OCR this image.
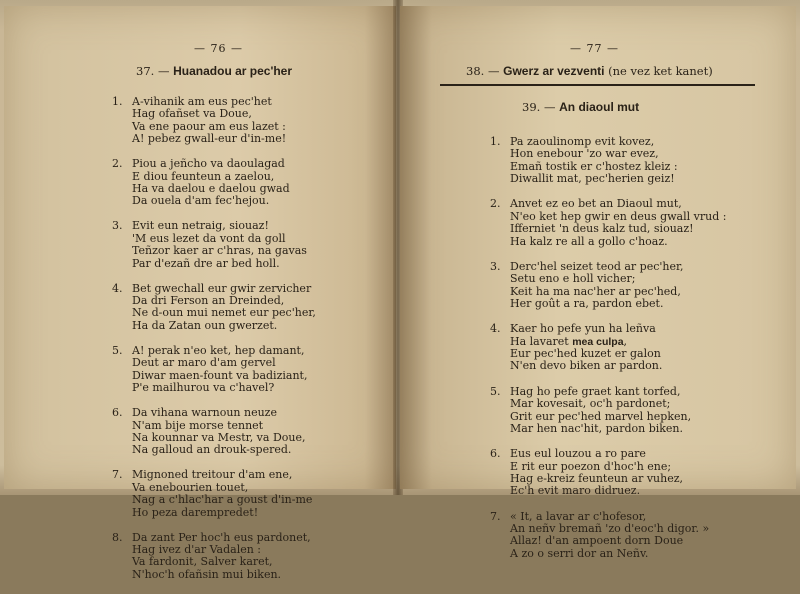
— 76 —
37. — Huanadou ar pec'her
1. A-vihanik am eus pec'het
Hag ofañset va Doue,
Va ene paour am eus lazet :
A! pebez gwall-eur d'in-me!
2. Piou a jeñcho va daoulagad
E diou feunteun a zaelou,
Ha va daelou e daelou gwad
Da ouela d'am fec'hejou.
3. Evit eun netraig, siouaz!
'M eus lezet da vont da goll
Teñzor kaer ar c'hras, na gavas
Par d'ezañ dre ar bed holl.
4. Bet gwechall eur gwir zervicher
Da dri Ferson an Dreinded,
Ne d-oun mui nemet eur pec'her,
Ha da Zatan oun gwerzet.
5. A! perak n'eo ket, hep damant,
Deut ar maro d'am gervel
Diwar maen-fount va badiziant,
P'e mailhurou va c'havel?
6. Da vihana warnoun neuze
N'am bije morse tennet
Na kounnar va Mestr, va Doue,
Na galloud an drouk-spered.
7. Mignoned treitour d'am ene,
Va enebourien touet,
Nag a c'hlac'har a goust d'in-me
Ho peza darempredet!
8. Da zant Per hoc'h eus pardonet,
Hag ivez d'ar Vadalen :
Va fardonit, Salver karet,
N'hoc'h ofañsin mui biken.
— 77 —
38. — Gwerz ar vezventi (ne vez ket kanet)
39. — An diaoul mut
1. Pa zaoulinomp evit kovez,
Hon enebour 'zo war evez,
Emañ tostik er c'hostez kleiz :
Diwallit mat, pec'herien geiz!
2. Anvet ez eo bet an Diaoul mut,
N'eo ket hep gwir en deus gwall vrud :
Ifferniet 'n deus kalz tud, siouaz!
Ha kalz re all a gollo c'hoaz.
3. Derc'hel seizet teod ar pec'her,
Setu eno e holl vicher;
Keit ha ma nac'her ar pec'hed,
Her goût a ra, pardon ebet.
4. Kaer ho pefe yun ha leñva
Ha lavaret mea culpa,
Eur pec'hed kuzet er galon
N'en devo biken ar pardon.
5. Hag ho pefe graet kant torfed,
Mar kovesait, oc'h pardonet;
Grit eur pec'hed marvel hepken,
Mar hen nac'hit, pardon biken.
6. Eus eul louzou a ro pare
E rit eur poezon d'hoc'h ene;
Hag e-kreiz feunteun ar vuhez,
Ec'h evit maro didruez.
7. « It, a lavar ar c'hofesor,
An neñv bremañ 'zo d'eoc'h digor. »
Allaz! d'an ampoent dorn Doue
A zo o serri dor an Neñv.
